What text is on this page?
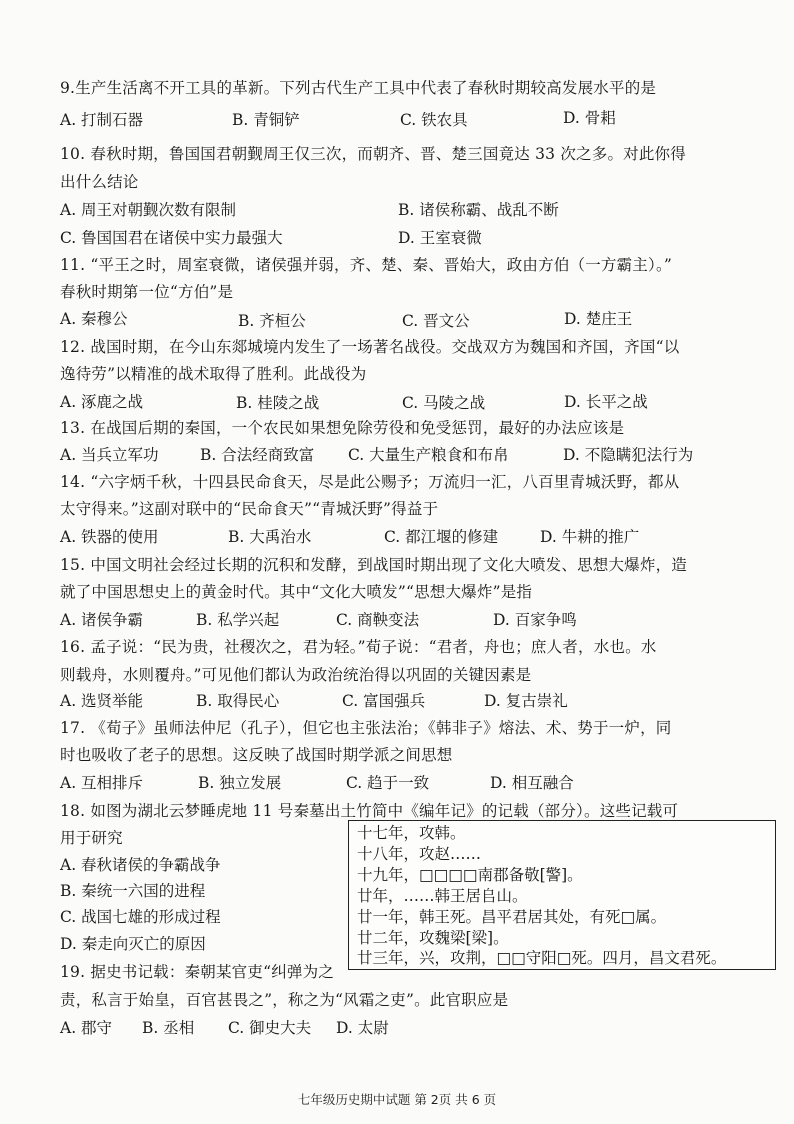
9.生产生活离不开工具的革新。下列古代生产工具中代表了春秋时期较高发展水平的是
A. 打制石器	B. 青铜铲	C. 铁农具	D. 骨耜
10. 春秋时期，鲁国国君朝觐周王仅三次，而朝齐、晋、楚三国竟达 33 次之多。对此你得
出什么结论
A. 周王对朝觐次数有限制	B. 诸侯称霸、战乱不断
C. 鲁国国君在诸侯中实力最强大	D. 王室衰微
11. “平王之时，周室衰微，诸侯强并弱，齐、楚、秦、晋始大，政由方伯（一方霸主）。”
春秋时期第一位“方伯”是
A. 秦穆公	B. 齐桓公	C. 晋文公	D. 楚庄王
12. 战国时期，在今山东郯城境内发生了一场著名战役。交战双方为魏国和齐国，齐国“以
逸待劳”以精准的战术取得了胜利。此战役为
A. 涿鹿之战	B. 桂陵之战	C. 马陵之战	D. 长平之战
13. 在战国后期的秦国，一个农民如果想免除劳役和免受惩罚，最好的办法应该是
A. 当兵立军功	B. 合法经商致富 C. 大量生产粮食和布帛	D. 不隐瞒犯法行为
14. “六字炳千秋，十四县民命食天，尽是此公赐予；万流归一汇，八百里青城沃野，都从
太守得来。”这副对联中的“民命食天”“青城沃野”得益于
A. 铁器的使用	B. 大禹治水	C. 都江堰的修建	D. 牛耕的推广
15. 中国文明社会经过长期的沉积和发酵，到战国时期出现了文化大喷发、思想大爆炸，造
就了中国思想史上的黄金时代。其中“文化大喷发”“思想大爆炸”是指
A. 诸侯争霸	B. 私学兴起	C. 商鞅变法	D. 百家争鸣
16. 孟子说：“民为贵，社稷次之，君为轻。”荀子说：“君者，舟也；庶人者，水也。水
则载舟，水则覆舟。”可见他们都认为政治统治得以巩固的关键因素是
A. 选贤举能	B. 取得民心	C. 富国强兵	D. 复古崇礼
17. 《荀子》虽师法仲尼（孔子），但它也主张法治；《韩非子》熔法、术、势于一炉，同
时也吸收了老子的思想。这反映了战国时期学派之间思想
A. 互相排斥	B. 独立发展	C. 趋于一致	D. 相互融合
18. 如图为湖北云梦睡虎地 11 号秦墓出土竹简中《编年记》的记载（部分）。这些记载可
用于研究
A. 春秋诸侯的争霸战争
B. 秦统一六国的进程
C. 战国七雄的形成过程
D. 秦走向灭亡的原因
十七年，攻韩。
十八年，攻赵……
十九年，□□□□南郡备敬[警]。
廿年，……韩王居𠂤山。
廿一年，韩王死。昌平君居其处，有死□属。
廿二年，攻魏梁[梁]。
廿三年，兴，攻荆，□□守阳□死。四月，昌文君死。
19. 据史书记载：秦朝某官吏“纠弹为之
责，私言于始皇，百官甚畏之”，称之为“风霜之吏”。此官职应是
A. 郡守 B. 丞相 C. 御史大夫 D. 太尉
七年级历史期中试题 第 2页 共 6 页
